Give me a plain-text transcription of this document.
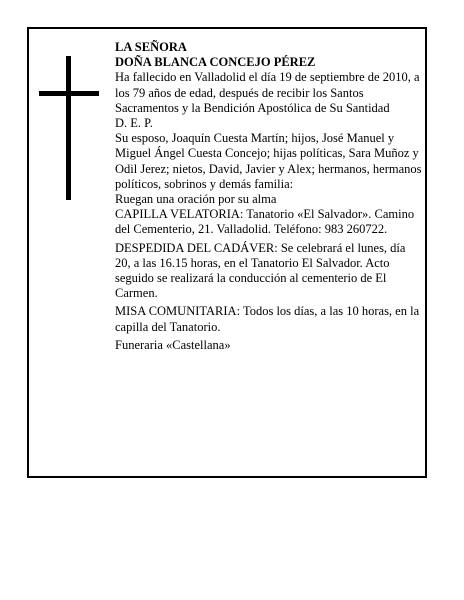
LA SEÑORA

DOÑA BLANCA CONCEJO PÉREZ

Ha fallecido en Valladolid el día 19 de septiembre de 2010, a los 79 años de edad, después de recibir los Santos Sacramentos y la Bendición Apostólica de Su Santidad

D. E. P.

Su esposo, Joaquín Cuesta Martín; hijos, José Manuel y Miguel Ángel Cuesta Concejo; hijas políticas, Sara Muñoz y Odil Jerez; nietos, David, Javier y Alex; hermanos, hermanos políticos, sobrinos y demás familia:

Ruegan una oración por su alma

CAPILLA VELATORIA: Tanatorio «El Salvador». Camino del Cementerio, 21. Valladolid. Teléfono: 983 260722.

DESPEDIDA DEL CADÁVER: Se celebrará el lunes, día 20, a las 16.15 horas, en el Tanatorio El Salvador. Acto seguido se realizará la conducción al cementerio de El Carmen.

MISA COMUNITARIA: Todos los días, a las 10 horas, en la capilla del Tanatorio.

Funeraria «Castellana»
